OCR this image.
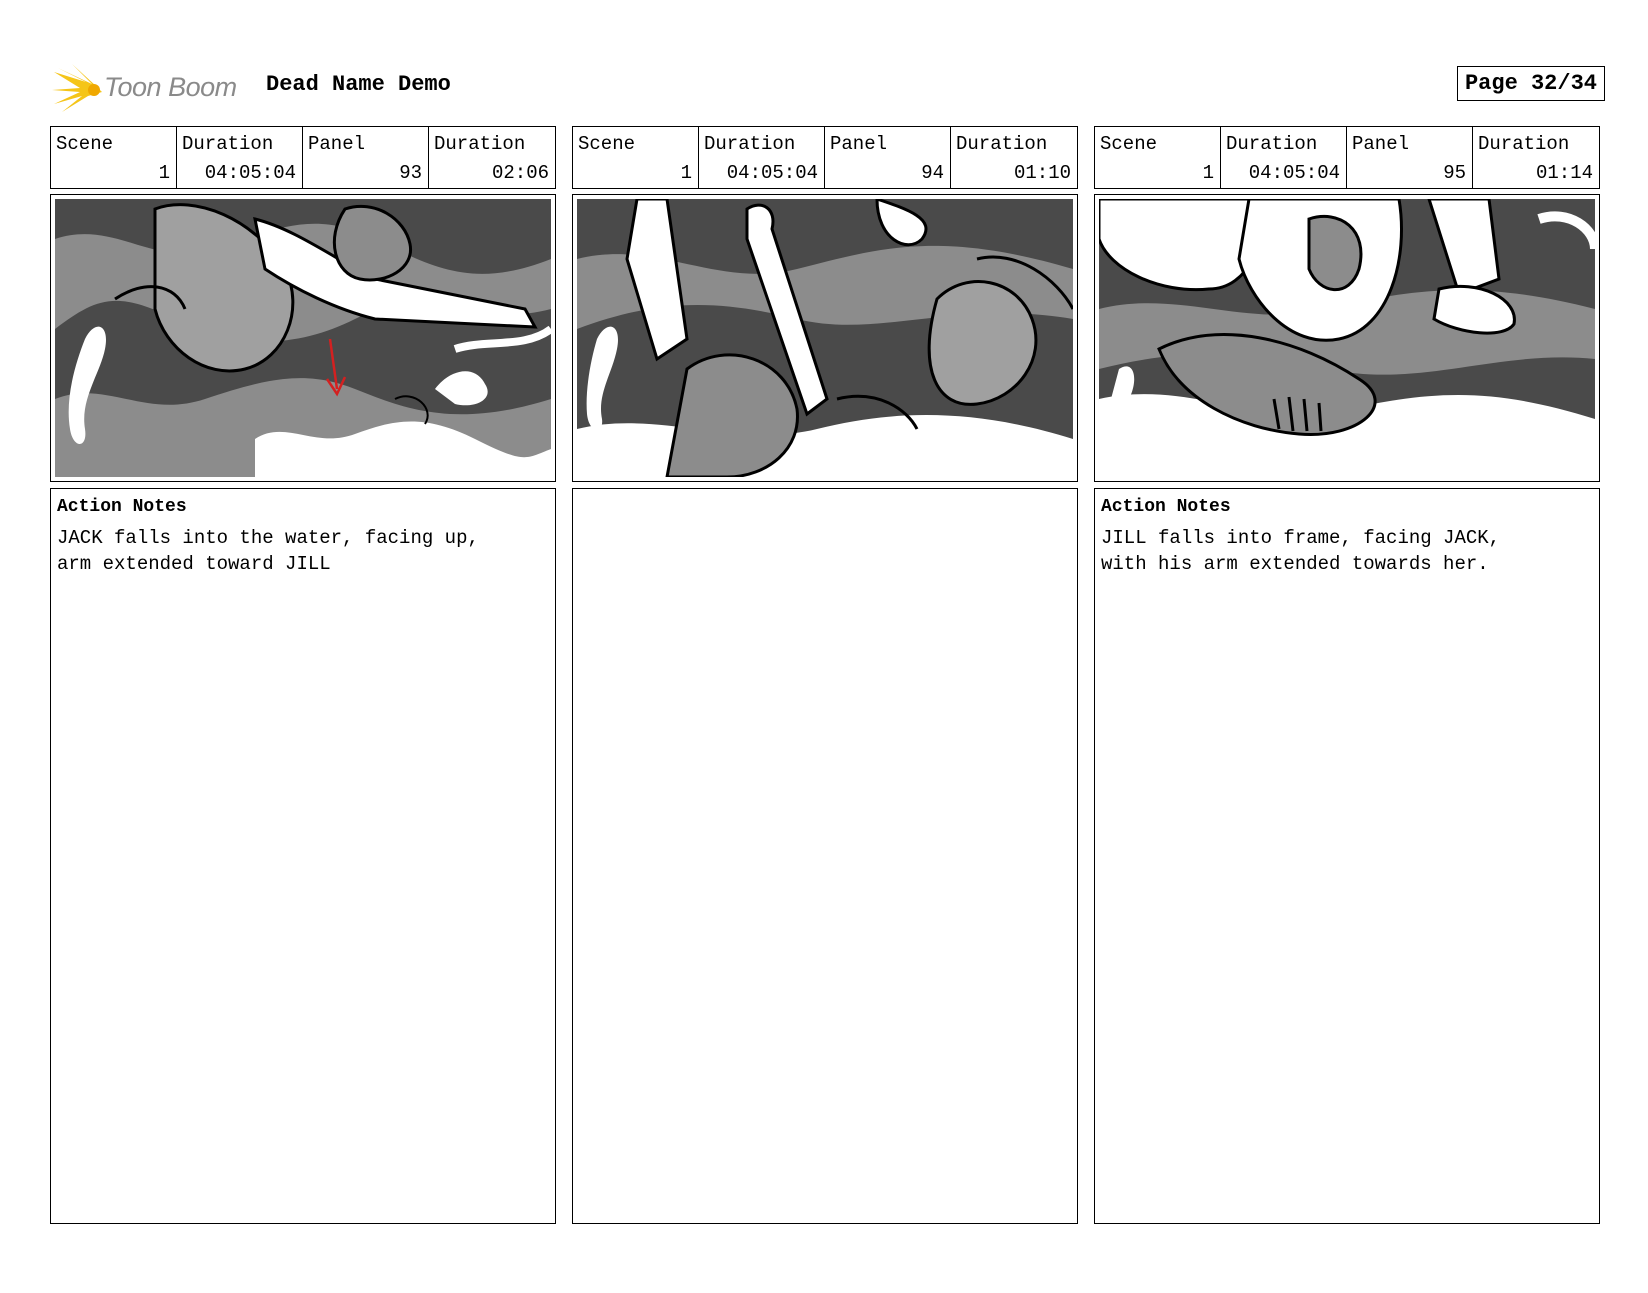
Toon Boom Dead Name Demo	Page 32/34
Scene
1
Duration
04:05:04
Panel
93
Duration
02:06
Action Notes
JACK falls into the water, facing up,
arm extended toward JILL
Scene
1
Duration
04:05:04
Panel
94
Duration
01:10
Scene
1
Duration
04:05:04
Panel
95
Duration
01:14
Action Notes
JILL falls into frame, facing JACK,
with his arm extended towards her.
